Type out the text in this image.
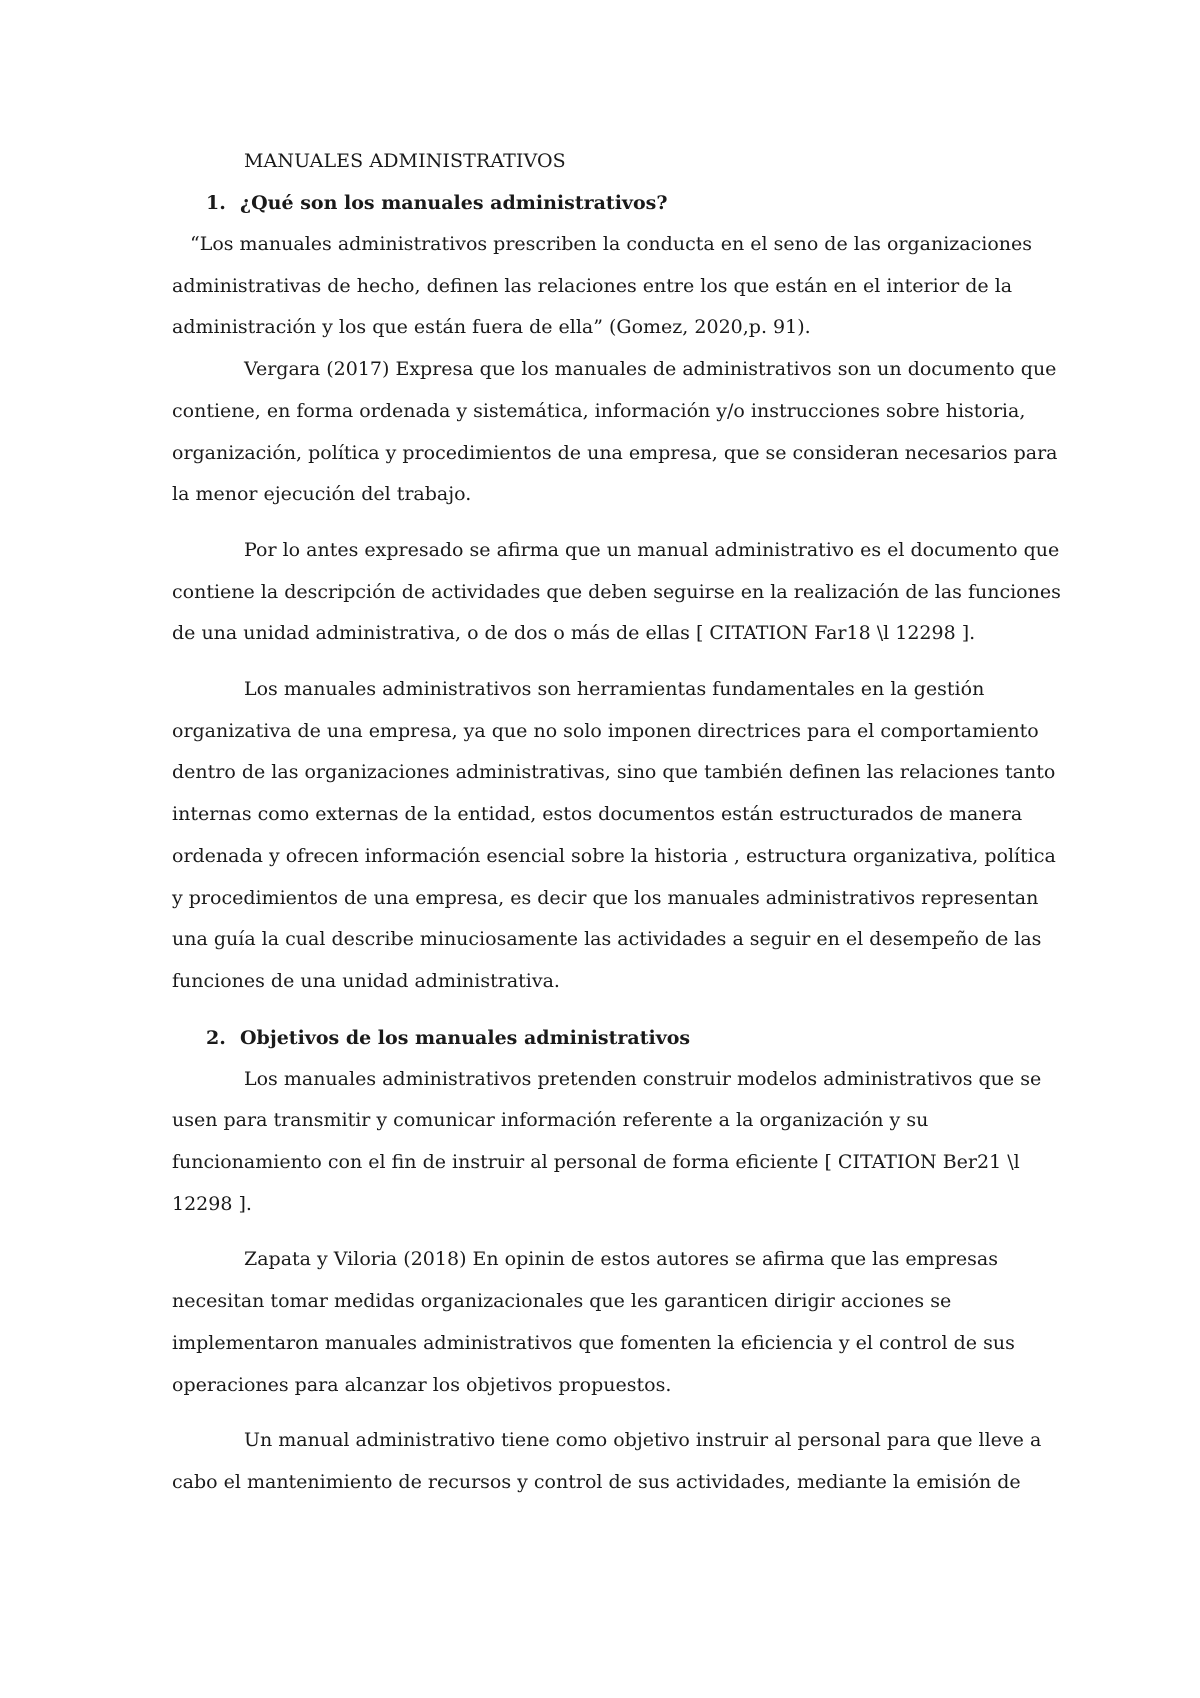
MANUALES ADMINISTRATIVOS
1. ¿Qué son los manuales administrativos?

“Los manuales administrativos prescriben la conducta en el seno de las organizaciones administrativas de hecho, definen las relaciones entre los que están en el interior de la administración y los que están fuera de ella” (Gomez, 2020,p. 91).

Vergara (2017) Expresa que los manuales de administrativos son un documento que contiene, en forma ordenada y sistemática, información y/o instrucciones sobre historia, organización, política y procedimientos de una empresa, que se consideran necesarios para la menor ejecución del trabajo.

Por lo antes expresado se afirma que un manual administrativo es el documento que contiene la descripción de actividades que deben seguirse en la realización de las funciones de una unidad administrativa, o de dos o más de ellas [ CITATION Far18 \l 12298 ].

Los manuales administrativos son herramientas fundamentales en la gestión organizativa de una empresa, ya que no solo imponen directrices para el comportamiento dentro de las organizaciones administrativas, sino que también definen las relaciones tanto internas como externas de la entidad, estos documentos están estructurados de manera ordenada y ofrecen información esencial sobre la historia , estructura organizativa, política y procedimientos de una empresa, es decir que los manuales administrativos representan una guía la cual describe minuciosamente las actividades a seguir en el desempeño de las funciones de una unidad administrativa.

2. Objetivos de los manuales administrativos

Los manuales administrativos pretenden construir modelos administrativos que se usen para transmitir y comunicar información referente a la organización y su funcionamiento con el fin de instruir al personal de forma eficiente [ CITATION Ber21 \l 12298 ].

Zapata y Viloria (2018) En opinin de estos autores se afirma que las empresas necesitan tomar medidas organizacionales que les garanticen dirigir acciones se implementaron manuales administrativos que fomenten la eficiencia y el control de sus operaciones para alcanzar los objetivos propuestos.

Un manual administrativo tiene como objetivo instruir al personal para que lleve a cabo el mantenimiento de recursos y control de sus actividades, mediante la emisión de
